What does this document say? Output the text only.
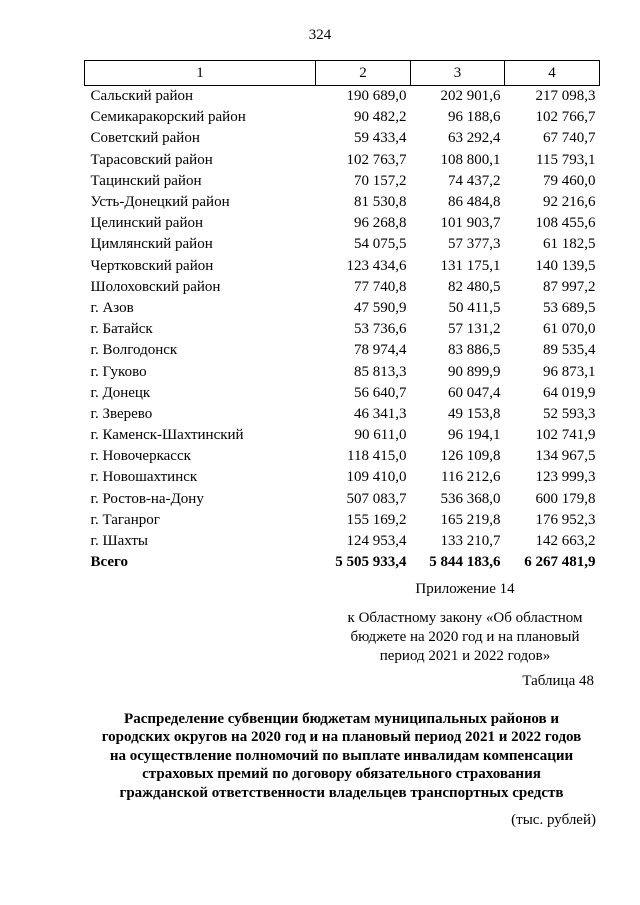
324
1	2	3	4
Сальский район	190 689,0	202 901,6	217 098,3
Семикаракорский район	90 482,2	96 188,6	102 766,7
Советский район	59 433,4	63 292,4	67 740,7
Тарасовский район	102 763,7	108 800,1	115 793,1
Тацинский район	70 157,2	74 437,2	79 460,0
Усть-Донецкий район	81 530,8	86 484,8	92 216,6
Целинский район	96 268,8	101 903,7	108 455,6
Цимлянский район	54 075,5	57 377,3	61 182,5
Чертковский район	123 434,6	131 175,1	140 139,5
Шолоховский район	77 740,8	82 480,5	87 997,2
г. Азов	47 590,9	50 411,5	53 689,5
г. Батайск	53 736,6	57 131,2	61 070,0
г. Волгодонск	78 974,4	83 886,5	89 535,4
г. Гуково	85 813,3	90 899,9	96 873,1
г. Донецк	56 640,7	60 047,4	64 019,9
г. Зверево	46 341,3	49 153,8	52 593,3
г. Каменск-Шахтинский	90 611,0	96 194,1	102 741,9
г. Новочеркасск	118 415,0	126 109,8	134 967,5
г. Новошахтинск	109 410,0	116 212,6	123 999,3
г. Ростов-на-Дону	507 083,7	536 368,0	600 179,8
г. Таганрог	155 169,2	165 219,8	176 952,3
г. Шахты	124 953,4	133 210,7	142 663,2
Всего	5 505 933,4	5 844 183,6	6 267 481,9
Приложение 14
к Областному закону «Об областном бюджете на 2020 год и на плановый период 2021 и 2022 годов»
Таблица 48
Распределение субвенции бюджетам муниципальных районов и
городских округов на 2020 год и на плановый период 2021 и 2022 годов
на осуществление полномочий по выплате инвалидам компенсации
страховых премий по договору обязательного страхования
гражданской ответственности владельцев транспортных средств
(тыс. рублей)
